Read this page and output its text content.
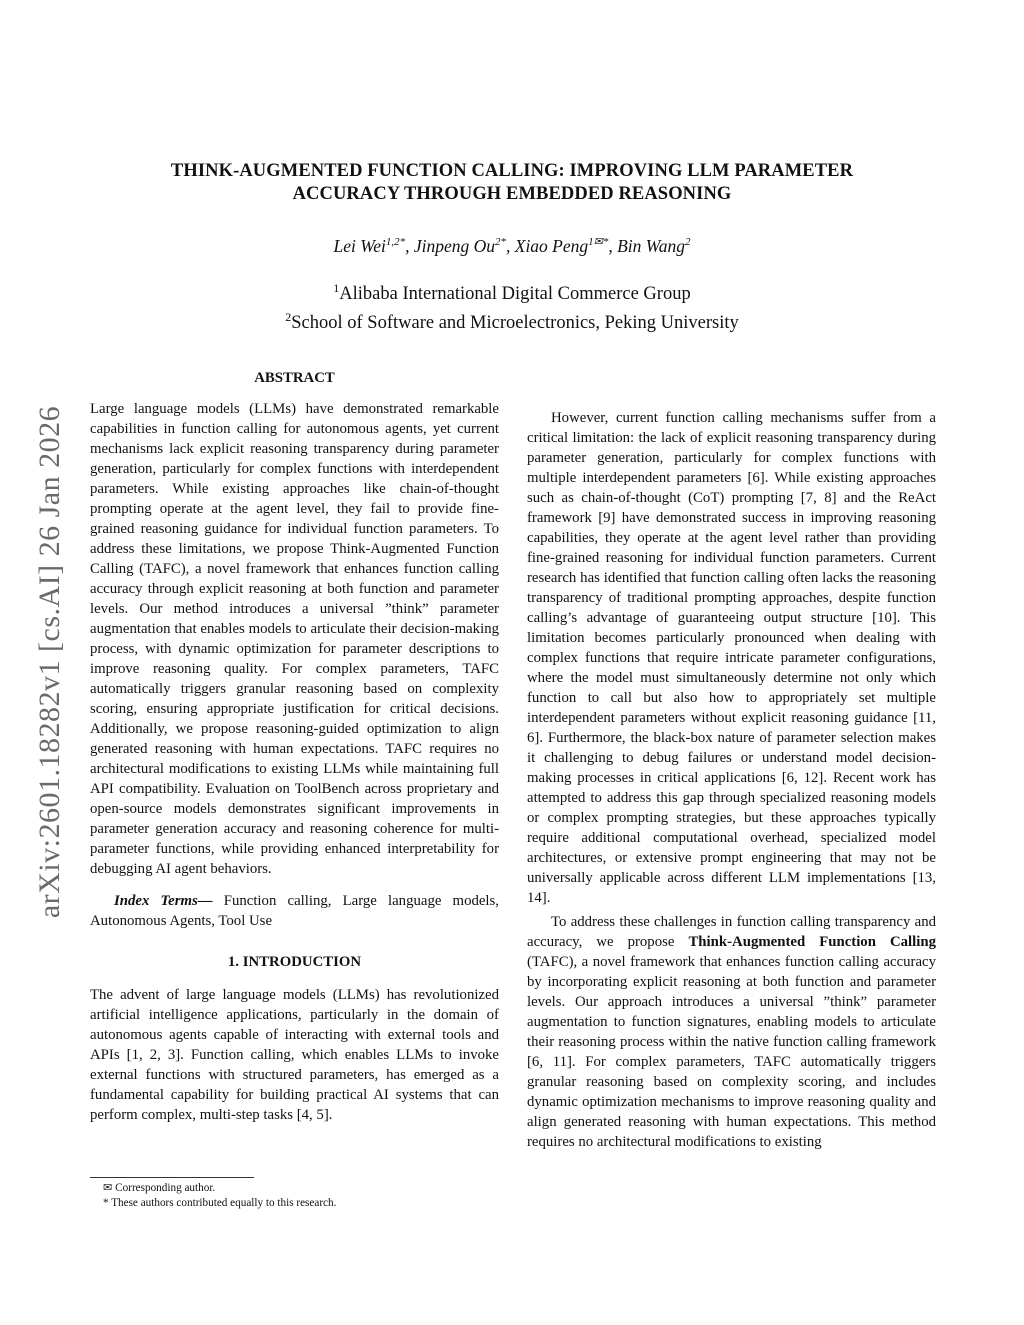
arXiv:2601.18282v1 [cs.AI] 26 Jan 2026
THINK-AUGMENTED FUNCTION CALLING: IMPROVING LLM PARAMETER
ACCURACY THROUGH EMBEDDED REASONING
Lei Wei$^{1,2*}$, Jinpeng $Ou^{2*}$, Xiao Peng$^{1✉*}$, Bin Wang$^2$
$^1$Alibaba International Digital Commerce Group
$^2$School of Software and Microelectronics, Peking University
ABSTRACT

Large language models (LLMs) have demonstrated remarkable capabilities in function calling for autonomous agents, yet current mechanisms lack explicit reasoning transparency during parameter generation, particularly for complex functions with interdependent parameters. While existing approaches like chain-of-thought prompting operate at the agent level, they fail to provide fine-grained reasoning guidance for individual function parameters. To address these limitations, we propose Think-Augmented Function Calling (TAFC), a novel framework that enhances function calling accuracy through explicit reasoning at both function and parameter levels. Our method introduces a universal ”think” parameter augmentation that enables models to articulate their decision-making process, with dynamic optimization for parameter descriptions to improve reasoning quality. For complex parameters, TAFC automatically triggers granular reasoning based on complexity scoring, ensuring appropriate justification for critical decisions. Additionally, we propose reasoning-guided optimization to align generated reasoning with human expectations. TAFC requires no architectural modifications to existing LLMs while maintaining full API compatibility. Evaluation on ToolBench across proprietary and open-source models demonstrates significant improvements in parameter generation accuracy and reasoning coherence for multi-parameter functions, while providing enhanced interpretability for debugging AI agent behaviors.

Index Terms— Function calling, Large language models, Autonomous Agents, Tool Use

1. INTRODUCTION

The advent of large language models (LLMs) has revolutionized artificial intelligence applications, particularly in the domain of autonomous agents capable of interacting with external tools and APIs [1, 2, 3]. Function calling, which enables LLMs to invoke external functions with structured parameters, has emerged as a fundamental capability for building practical AI systems that can perform complex, multi-step tasks [4, 5].

However, current function calling mechanisms suffer from a critical limitation: the lack of explicit reasoning transparency during parameter generation, particularly for complex functions with multiple interdependent parameters [6]. While existing approaches such as chain-of-thought (CoT) prompting [7, 8] and the ReAct framework [9] have demonstrated success in improving reasoning capabilities, they operate at the agent level rather than providing fine-grained reasoning for individual function parameters. Current research has identified that function calling often lacks the reasoning transparency of traditional prompting approaches, despite function calling’s advantage of guaranteeing output structure [10]. This limitation becomes particularly pronounced when dealing with complex functions that require intricate parameter configurations, where the model must simultaneously determine not only which function to call but also how to appropriately set multiple interdependent parameters without explicit reasoning guidance [11, 6]. Furthermore, the black-box nature of parameter selection makes it challenging to debug failures or understand model decision-making processes in critical applications [6, 12]. Recent work has attempted to address this gap through specialized reasoning models or complex prompting strategies, but these approaches typically require additional computational overhead, specialized model architectures, or extensive prompt engineering that may not be universally applicable across different LLM implementations [13, 14].

To address these challenges in function calling transparency and accuracy, we propose Think-Augmented Function Calling (TAFC), a novel framework that enhances function calling accuracy by incorporating explicit reasoning at both function and parameter levels. Our approach introduces a universal ”think” parameter augmentation to function signatures, enabling models to articulate their reasoning process within the native function calling framework [6, 11]. For complex parameters, TAFC automatically triggers granular reasoning based on complexity scoring, and includes dynamic optimization mechanisms to improve reasoning quality and align generated reasoning with human expectations. This method requires no architectural modifications to existing

✉ Corresponding author.
* These authors contributed equally to this research.
